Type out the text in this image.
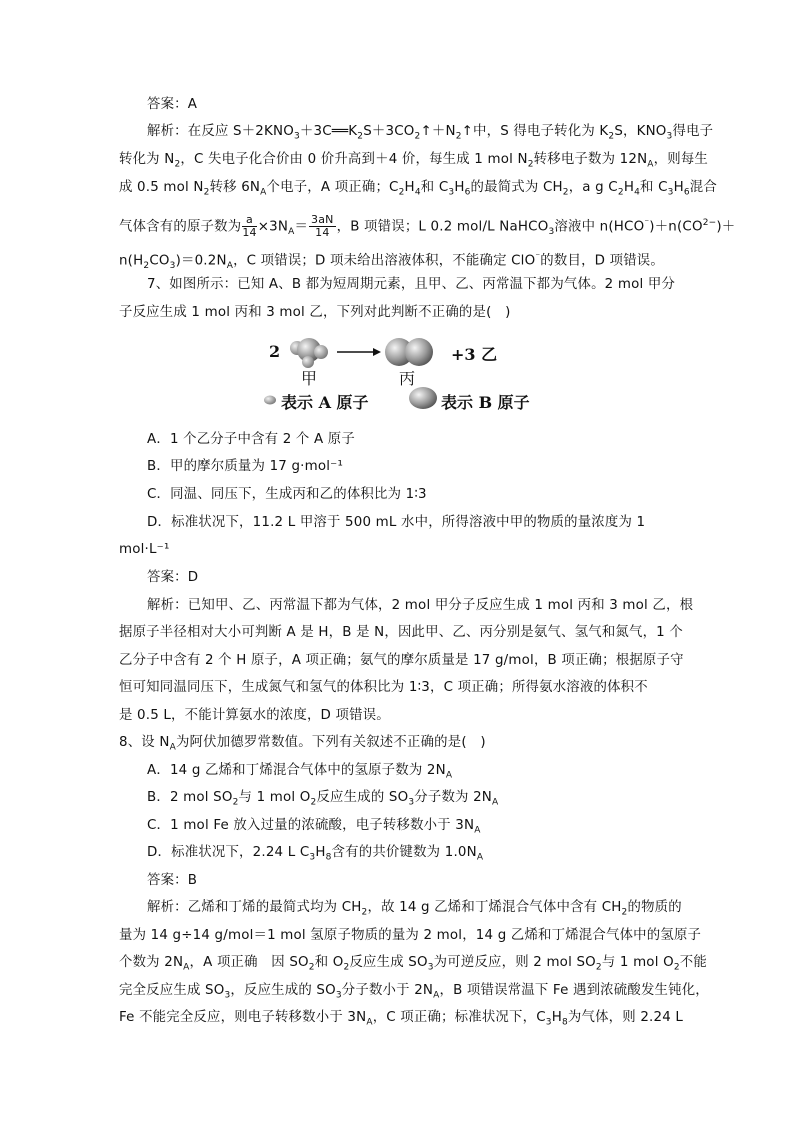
答案：A
解析：在反应 $S+2KNO_3+3C══K_2S+3CO_2↑+N_2↑$中，S 得电子转化为 $K_2S$，$KNO_3$得电子
转化为 $N_2$，C 失电子化合价由 0 价升高到＋4 价，每生成 1 mol $N_2$转移电子数为 $12N_A$，则每生
成 0.5 mol $N_2$转移 $6N_A$个电子，A 项正确；$C_2H_4$和 $C_3H_6$的最简式为 $CH_2$，a g $C_2H_4$和 $C_3H_6$混合
气体含有的原子数为 $\frac{a}{14} \times 3N_A= \frac{3aN}{14}$ ，B 项错误；L 0.2 mol/L NaHCO$_3$溶液中 $n(HCO^{^-})+n(CO^{2-})+$
$n(H_2CO_3)=0.2N_A$，C 项错误；D 项未给出溶液体积，不能确定 ClO⁻的数目，D 项错误。
7、如图所示：已知 A、B 都为短周期元素，且甲、乙、丙常温下都为气体。2 mol 甲分
子反应生成 1 mol 丙和 3 mol 乙，下列对此判断不正确的是(　)
2	+3 乙
甲	丙
表示 A 原子	表示 B 原子
A．1 个乙分子中含有 2 个 A 原子
B．甲的摩尔质量为 17 g·mol⁻¹
C．同温、同压下，生成丙和乙的体积比为 1∶3
D．标准状况下，11.2 L 甲溶于 500 mL 水中，所得溶液中甲的物质的量浓度为 1
mol·L⁻¹
答案：D
解析：已知甲、乙、丙常温下都为气体，2 mol 甲分子反应生成 1 mol 丙和 3 mol 乙，根
据原子半径相对大小可判断 A 是 H，B 是 N，因此甲、乙、丙分别是氨气、氢气和氮气，1 个
乙分子中含有 2 个 H 原子，A 项正确；氨气的摩尔质量是 17 g/mol，B 项正确；根据原子守
恒可知同温同压下，生成氮气和氢气的体积比为 1∶3，C 项正确；所得氨水溶液的体积不
是 0.5 L，不能计算氨水的浓度，D 项错误。
8、设 $N_A$为阿伏加德罗常数值。下列有关叙述不正确的是(　)
A．14 g 乙烯和丁烯混合气体中的氢原子数为 $2N_A$
B．2 mol $SO_2$与 1 mol $O_2$反应生成的 $SO_3$分子数为 $2N_A$
C．1 mol Fe 放入过量的浓硫酸，电子转移数小于 $3N_A$
D．标准状况下，2.24 L $C_3H_8$含有的共价键数为 $1.0N_A$
答案：B
解析：乙烯和丁烯的最简式均为 $CH_2$，故 14 g 乙烯和丁烯混合气体中含有 $CH_2$的物质的
量为 14 g÷14 g/mol＝1 mol 氢原子物质的量为 2 mol，14 g 乙烯和丁烯混合气体中的氢原子
个数为 $2N_A$，A 项正确　因 $SO_2$和 $O_2$反应生成 $SO_3$为可逆反应，则 2 mol $SO_2$与 1 mol $O_2$不能
完全反应生成 $SO_3$，反应生成的 $SO_3$分子数小于 $2N_A$，B 项错误常温下 Fe 遇到浓硫酸发生钝化，
Fe 不能完全反应，则电子转移数小于 $3N_A$，C 项正确；标准状况下，$C_3H_8$为气体，则 2.24 L
